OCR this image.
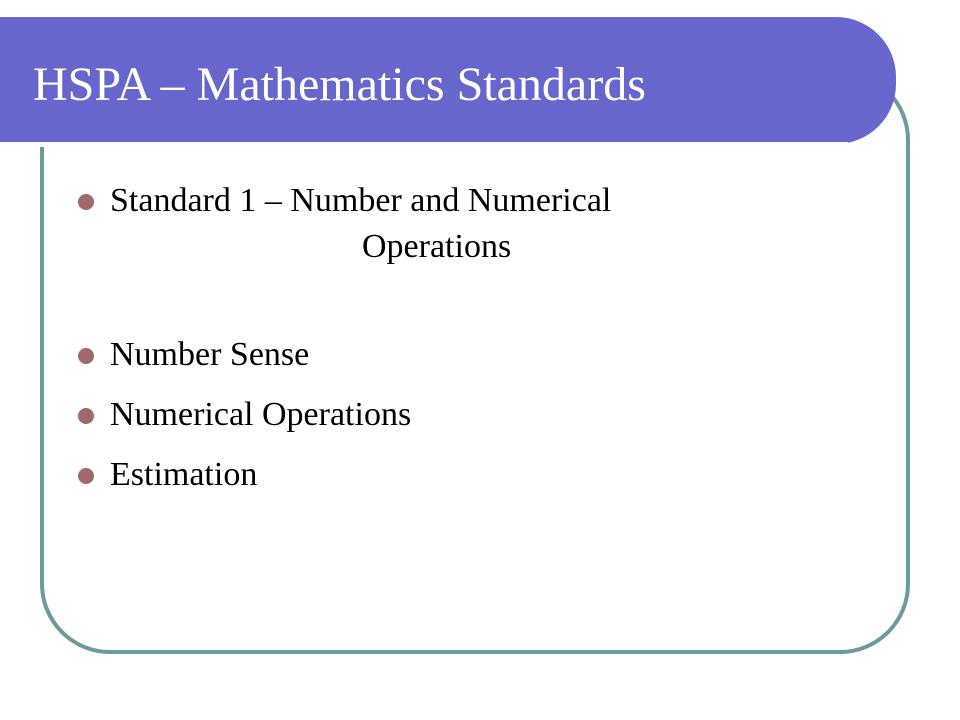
HSPA – Mathematics Standards
Standard 1 – Number and Numerical
Operations
Number Sense
Numerical Operations
Estimation
